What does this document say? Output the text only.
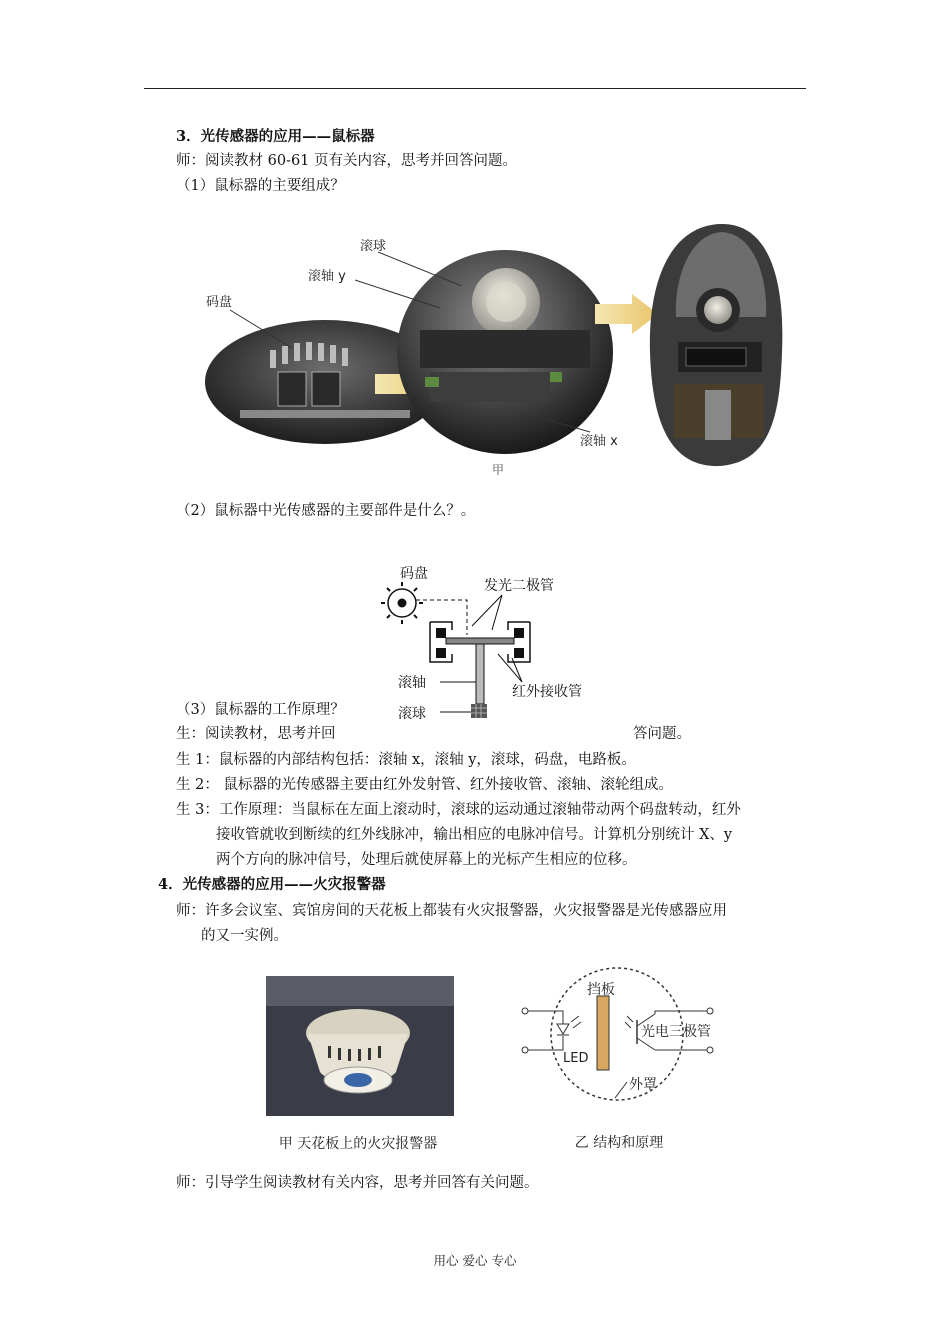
3．光传感器的应用——鼠标器
师：阅读教材 60-61 页有关内容，思考并回答问题。
（1）鼠标器的主要组成？
码盘
滚球
滚轴 y
滚轴 x
甲
（2）鼠标器中光传感器的主要部件是什么？。
码盘
发光二极管
滚轴
红外接收管
滚球
（3）鼠标器的工作原理？
生：阅读教材，思考并回	答问题。
生 1：鼠标器的内部结构包括：滚轴 x，滚轴 y，滚球，码盘，电路板。
生 2： 鼠标器的光传感器主要由红外发射管、红外接收管、滚轴、滚轮组成。
生 3：工作原理：当鼠标在左面上滚动时，滚球的运动通过滚轴带动两个码盘转动，红外
接收管就收到断续的红外线脉冲，输出相应的电脉冲信号。计算机分别统计 X、y
两个方向的脉冲信号，处理后就使屏幕上的光标产生相应的位移。
4．光传感器的应用——火灾报警器
师：许多会议室、宾馆房间的天花板上都装有火灾报警器，火灾报警器是光传感器应用
的又一实例。
甲 天花板上的火灾报警器
挡板
LED
光电三极管
外罩
乙 结构和原理
师：引导学生阅读教材有关内容，思考并回答有关问题。
用心 爱心 专心
